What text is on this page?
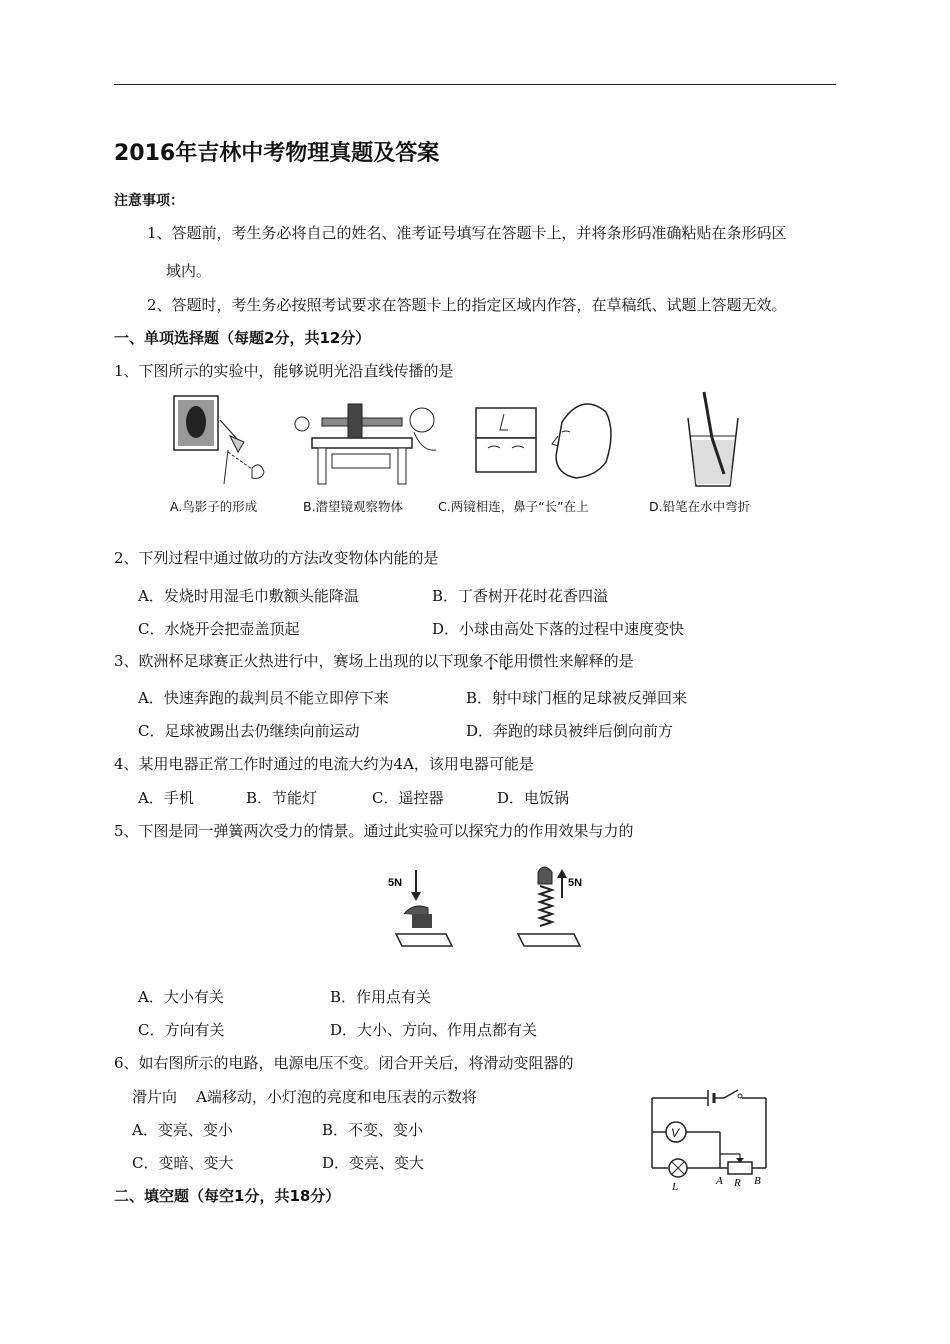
2016年吉林中考物理真题及答案
注意事项：
1、答题前，考生务必将自己的姓名、准考证号填写在答题卡上，并将条形码准确粘贴在条形码区
域内。
2、答题时，考生务必按照考试要求在答题卡上的指定区域内作答，在草稿纸、试题上答题无效。
一、单项选择题（每题2分，共12分）
1、下图所示的实验中，能够说明光沿直线传播的是
A.鸟影子的形成	B.潜望镜观察物体	C.两镜相连，鼻子“长”在上	D.铅笔在水中弯折
2、下列过程中通过做功的方法改变物体内能的是
A．发烧时用湿毛巾敷额头能降温	B．丁香树开花时花香四溢
C．水烧开会把壶盖顶起	D．小球由高处下落的过程中速度变快
3、欧洲杯足球赛正火热进行中，赛场上出现的以下现象不能用惯性来解释的是
A．快速奔跑的裁判员不能立即停下来	B．射中球门框的足球被反弹回来
C．足球被踢出去仍继续向前运动	D．奔跑的球员被绊后倒向前方
4、某用电器正常工作时通过的电流大约为4A，该用电器可能是
A．手机	B．节能灯	C．遥控器	D．电饭锅
5、下图是同一弹簧两次受力的情景。通过此实验可以探究力的作用效果与力的
5N	5N
A．大小有关	B．作用点有关
C．方向有关	D．大小、方向、作用点都有关
6、如右图所示的电路，电源电压不变。闭合开关后，将滑动变阻器的
滑片向    A端移动，小灯泡的亮度和电压表的示数将
A．变亮、变小	B．不变、变小
C．变暗、变大	D．变亮、变大
V
L	A R B
二、填空题（每空1分，共18分）
